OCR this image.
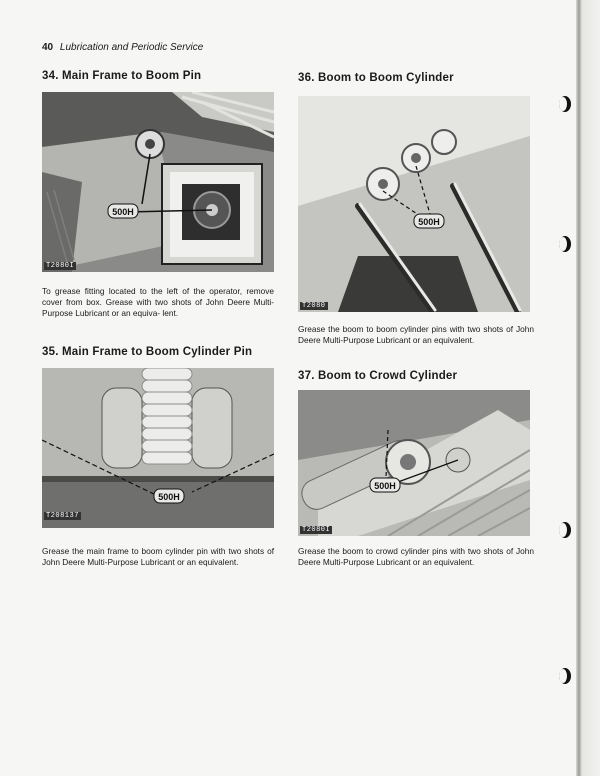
40 Lubrication and Periodic Service
34. Main Frame to Boom Pin
500H
T2080I

To grease fitting located to the left of the operator, remove cover from box. Grease with two shots of John Deere Multi-Purpose Lubricant or an equiva- lent.

35. Main Frame to Boom Cylinder Pin
500H
T208137

Grease the main frame to boom cylinder pin with two shots of John Deere Multi-Purpose Lubricant or an equivalent.

36. Boom to Boom Cylinder
500H
T2080

Grease the boom to boom cylinder pins with two shots of John Deere Multi-Purpose Lubricant or an equivalent.

37. Boom to Crowd Cylinder
500H
T2080I

Grease the boom to crowd cylinder pins with two shots of John Deere Multi-Purpose Lubricant or an equivalent.
